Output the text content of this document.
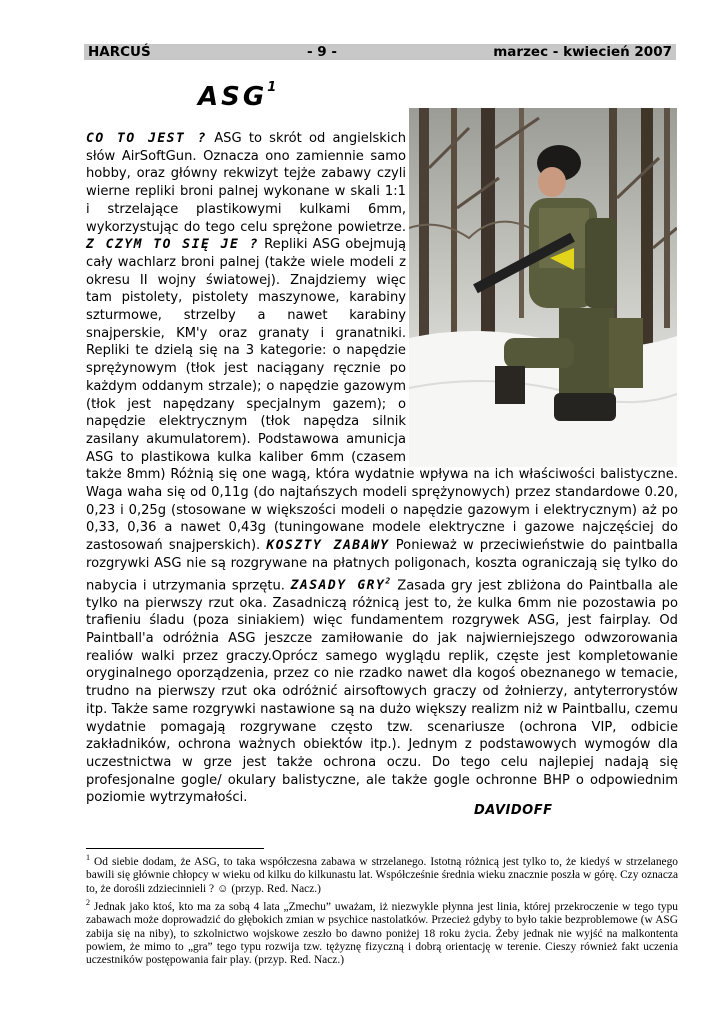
HARCUŚ	- 9 -	marzec - kwiecień 2007
ASG$^1$
CO TO JEST ? ASG to skrót od angielskich słów AirSoftGun. Oznacza ono zamiennie samo hobby, oraz główny rekwizyt tejże zabawy czyli wierne repliki broni palnej wykonane w skali 1:1 i strzelające plastikowymi kulkami 6mm, wykorzystując do tego celu sprężone powietrze. Z CZYM TO SIĘ JE ? Repliki ASG obejmują cały wachlarz broni palnej (także wiele modeli z okresu II wojny światowej). Znajdziemy więc tam pistolety, pistolety maszynowe, karabiny szturmowe, strzelby a nawet karabiny snajperskie, KM'y oraz granaty i granatniki. Repliki te dzielą się na 3 kategorie: o napędzie sprężynowym (tłok jest naciągany ręcznie po każdym oddanym strzale); o napędzie gazowym (tłok jest napędzany specjalnym gazem); o napędzie elektrycznym (tłok napędza silnik zasilany akumulatorem). Podstawowa amunicja ASG to plastikowa kulka kaliber 6mm (czasem także 8mm) Różnią się one wagą, która wydatnie wpływa na ich właściwości balistyczne. Waga waha się od 0,11g (do najtańszych modeli sprężynowych) przez standardowe 0.20, 0,23 i 0,25g (stosowane w większości modeli o napędzie gazowym i elektrycznym) aż po 0,33, 0,36 a nawet 0,43g (tuningowane modele elektryczne i gazowe najczęściej do zastosowań snajperskich). KOSZTY ZABAWY Ponieważ w przeciwieństwie do paintballa rozgrywki ASG nie są rozgrywane na płatnych poligonach, koszta ograniczają się tylko do nabycia i utrzymania sprzętu. ZASADY GRY$^2$ Zasada gry jest zbliżona do Paintballa ale tylko na pierwszy rzut oka. Zasadniczą różnicą jest to, że kulka 6mm nie pozostawia po trafieniu śladu (poza siniakiem) więc fundamentem rozgrywek ASG, jest fairplay. Od Paintball'a odróżnia ASG jeszcze zamiłowanie do jak najwierniejszego odwzorowania realiów walki przez graczy.Oprócz samego wyglądu replik, częste jest kompletowanie oryginalnego oporządzenia, przez co nie rzadko nawet dla kogoś obeznanego w temacie, trudno na pierwszy rzut oka odróżnić airsoftowych graczy od żołnierzy, antyterrorystów itp. Także same rozgrywki nastawione są na dużo większy realizm niż w Paintballu, czemu wydatnie pomagają rozgrywane często tzw. scenariusze (ochrona VIP, odbicie zakładników, ochrona ważnych obiektów itp.). Jednym z podstawowych wymogów dla uczestnictwa w grze jest także ochrona oczu. Do tego celu najlepiej nadają się profesjonalne gogle/ okulary balistyczne, ale także gogle ochronne BHP o odpowiednim poziomie wytrzymałości.
DAVIDOFF

$^1$ Od siebie dodam, że ASG, to taka współczesna zabawa w strzelanego. Istotną różnicą jest tylko to, że kiedyś w strzelanego bawili się głównie chłopcy w wieku od kilku do kilkunastu lat. Współcześnie średnia wieku znacznie poszła w górę. Czy oznacza to, że dorośli zdziecinnieli ? ☺ (przyp. Red. Nacz.)

$^2$ Jednak jako ktoś, kto ma za sobą 4 lata „Zmechu” uważam, iż niezwykle płynna jest linia, której przekroczenie w tego typu zabawach może doprowadzić do głębokich zmian w psychice nastolatków. Przecież gdyby to było takie bezproblemowe (w ASG zabija się na niby), to szkolnictwo wojskowe zeszło bo dawno poniżej 18 roku życia. Żeby jednak nie wyjść na malkontenta powiem, że mimo to „gra” tego typu rozwija tzw. tężyznę fizyczną i dobrą orientację w terenie. Cieszy również fakt uczenia uczestników postępowania fair play. (przyp. Red. Nacz.)
